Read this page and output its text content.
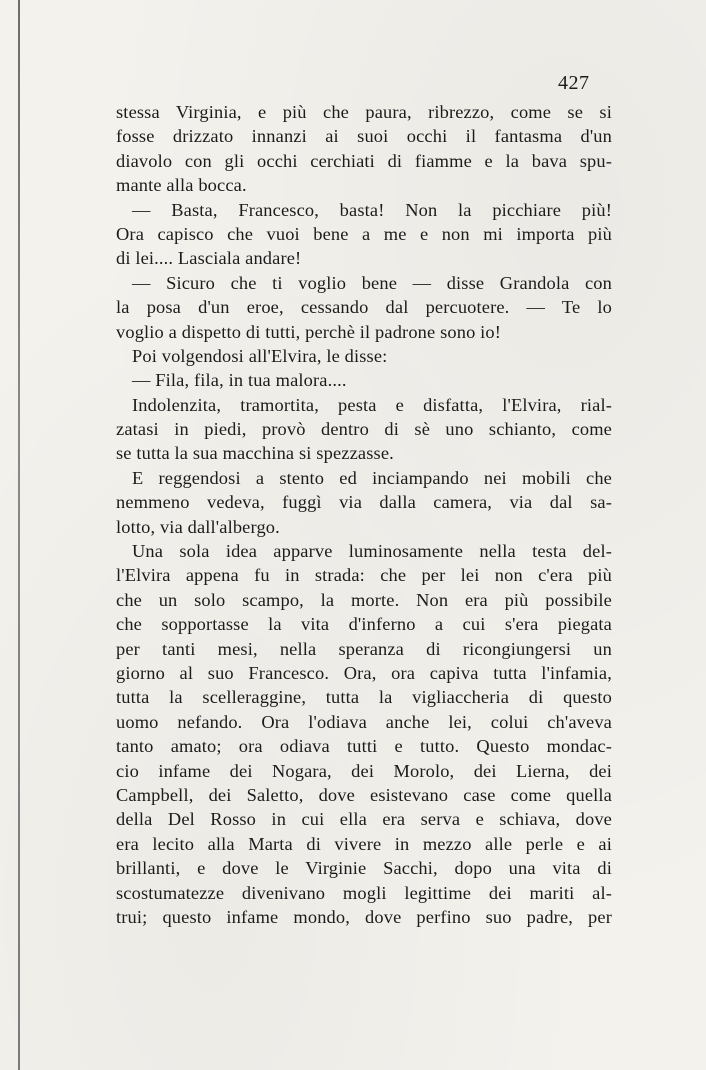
427
stessa Virginia, e più che paura, ribrezzo, come se si
fosse drizzato innanzi ai suoi occhi il fantasma d'un
diavolo con gli occhi cerchiati di fiamme e la bava spu-
mante alla bocca.
— Basta, Francesco, basta! Non la picchiare più!
Ora capisco che vuoi bene a me e non mi importa più
di lei.... Lasciala andare!
— Sicuro che ti voglio bene — disse Grandola con
la posa d'un eroe, cessando dal percuotere. — Te lo
voglio a dispetto di tutti, perchè il padrone sono io!
Poi volgendosi all'Elvira, le disse:
— Fila, fila, in tua malora....
Indolenzita, tramortita, pesta e disfatta, l'Elvira, rial-
zatasi in piedi, provò dentro di sè uno schianto, come
se tutta la sua macchina si spezzasse.
E reggendosi a stento ed inciampando nei mobili che
nemmeno vedeva, fuggì via dalla camera, via dal sa-
lotto, via dall'albergo.
Una sola idea apparve luminosamente nella testa del-
l'Elvira appena fu in strada: che per lei non c'era più
che un solo scampo, la morte. Non era più possibile
che sopportasse la vita d'inferno a cui s'era piegata
per tanti mesi, nella speranza di ricongiungersi un
giorno al suo Francesco. Ora, ora capiva tutta l'infamia,
tutta la scelleraggine, tutta la vigliaccheria di questo
uomo nefando. Ora l'odiava anche lei, colui ch'aveva
tanto amato; ora odiava tutti e tutto. Questo mondac-
cio infame dei Nogara, dei Morolo, dei Lierna, dei
Campbell, dei Saletto, dove esistevano case come quella
della Del Rosso in cui ella era serva e schiava, dove
era lecito alla Marta di vivere in mezzo alle perle e ai
brillanti, e dove le Virginie Sacchi, dopo una vita di
scostumatezze divenivano mogli legittime dei mariti al-
trui; questo infame mondo, dove perfino suo padre, per
